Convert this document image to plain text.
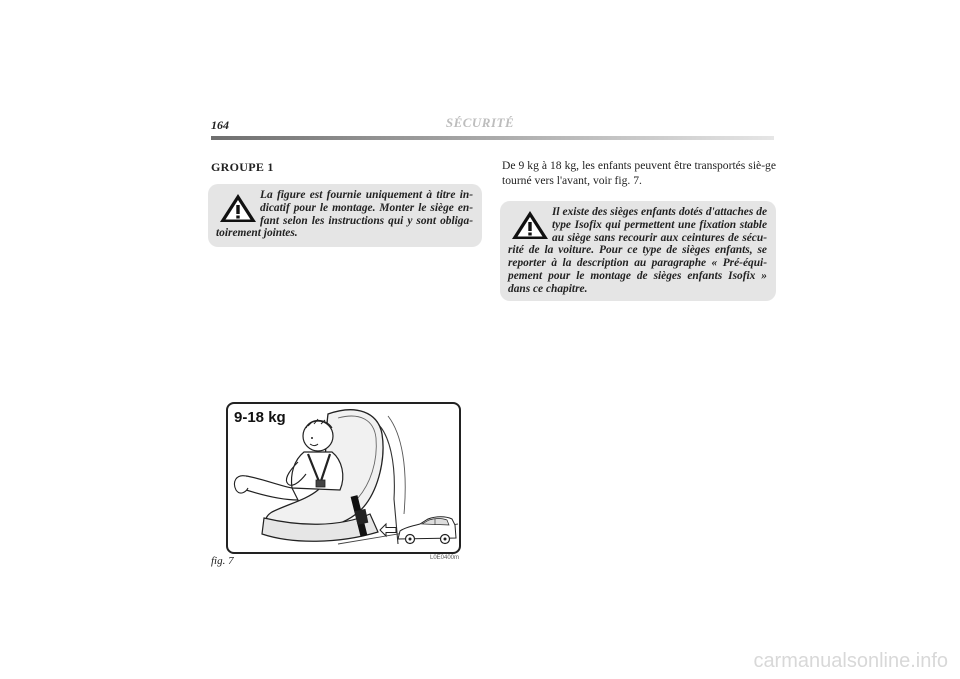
164	SÉCURITÉ
GROUPE 1
La figure est fournie uniquement à titre in-dicatif pour le montage. Monter le siège en-fant selon les instructions qui y sont obliga-toirement jointes.
De 9 kg à 18 kg, les enfants peuvent être transportés siè-ge tourné vers l'avant, voir fig. 7.
Il existe des sièges enfants dotés d'attaches de type Isofix qui permettent une fixation stable au siège sans recourir aux ceintures de sécu-rité de la voiture. Pour ce type de sièges enfants, se reporter à la description au paragraphe « Pré-équi-pement pour le montage de sièges enfants Isofix » dans ce chapitre.
9-18 kg
fig. 7	L0E0400m
carmanualsonline.info
